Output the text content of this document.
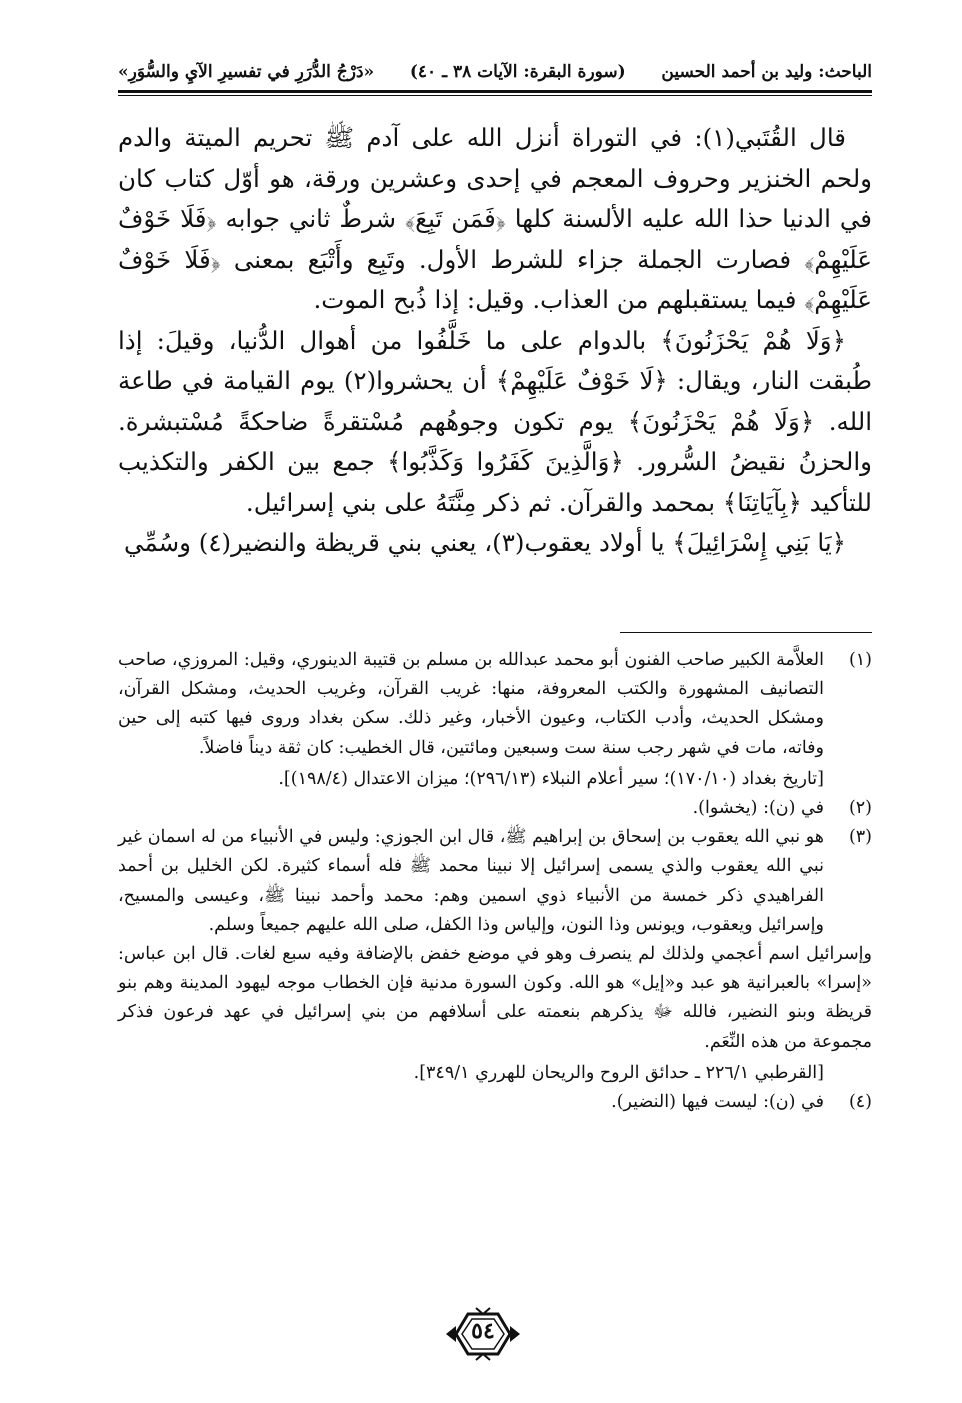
الباحث: وليد بن أحمد الحسين
(سورة البقرة: الآيات ٣٨ ـ ٤٠)
«دَرْجُ الدُّرَرِ في تفسيرِ الآيِ والسُّوَرِ»

قال القُتَبي(١): في التوراة أنزل الله على آدم ﷺ تحريم الميتة والدم ولحم الخنزير وحروف المعجم في إحدى وعشرين ورقة، هو أوّل كتاب كان في الدنيا حذا الله عليه الألسنة كلها ﴿فَمَن تَبِعَ﴾ شرطٌ ثاني جوابه ﴿فَلَا خَوْفٌ عَلَيْهِمْ﴾ فصارت الجملة جزاء للشرط الأول. وتَبِع وأَتْبَع بمعنى ﴿فَلَا خَوْفٌ عَلَيْهِمْ﴾ فيما يستقبلهم من العذاب. وقيل: إذا ذُبح الموت.

﴿وَلَا هُمْ يَحْزَنُونَ﴾ بالدوام على ما خَلَّفُوا من أهوال الدُّنيا، وقيلَ: إذا طُبقت النار، ويقال: ﴿لَا خَوْفٌ عَلَيْهِمْ﴾ أن يحشروا(٢) يوم القيامة في طاعة الله. ﴿وَلَا هُمْ يَحْزَنُونَ﴾ يوم تكون وجوهُهم مُسْتقرةً ضاحكةً مُسْتبشرة. والحزنُ نقيضُ السُّرور. ﴿وَالَّذِينَ كَفَرُوا وَكَذَّبُوا﴾ جمع بين الكفر والتكذيب للتأكيد ﴿بِآيَاتِنَا﴾ بمحمد والقرآن. ثم ذكر مِنَّتَهُ على بني إسرائيل.

﴿يَا بَنِي إِسْرَائِيلَ﴾ يا أولاد يعقوب(٣)، يعني بني قريظة والنضير(٤) وسُمِّي

(١)

العلاَّمة الكبير صاحب الفنون أبو محمد عبدالله بن مسلم بن قتيبة الدينوري، وقيل: المروزي، صاحب التصانيف المشهورة والكتب المعروفة، منها: غريب القرآن، وغريب الحديث، ومشكل القرآن، ومشكل الحديث، وأدب الكتاب، وعيون الأخبار، وغير ذلك. سكن بغداد وروى فيها كتبه إلى حين وفاته، مات في شهر رجب سنة ست وسبعين ومائتين، قال الخطيب: كان ثقة ديناً فاضلاً.

[تاريخ بغداد (١٧٠/١٠)؛ سير أعلام النبلاء (٢٩٦/١٣)؛ ميزان الاعتدال (١٩٨/٤)].

(٢)

في (ن): (يخشوا).

(٣)

هو نبي الله يعقوب بن إسحاق بن إبراهيم ﷺ، قال ابن الجوزي: وليس في الأنبياء من له اسمان غير نبي الله يعقوب والذي يسمى إسرائيل إلا نبينا محمد ﷺ فله أسماء كثيرة. لكن الخليل بن أحمد الفراهيدي ذكر خمسة من الأنبياء ذوي اسمين وهم: محمد وأحمد نبينا ﷺ، وعيسى والمسيح، وإسرائيل ويعقوب، ويونس وذا النون، وإلياس وذا الكفل، صلى الله عليهم جميعاً وسلم.

وإسرائيل اسم أعجمي ولذلك لم ينصرف وهو في موضع خفض بالإضافة وفيه سبع لغات. قال ابن عباس: «إسرا» بالعبرانية هو عبد و«إيل» هو الله. وكون السورة مدنية فإن الخطاب موجه ليهود المدينة وهم بنو قريظة وبنو النضير، فالله ﷻ يذكرهم بنعمته على أسلافهم من بني إسرائيل في عهد فرعون فذكر مجموعة من هذه النِّعَم.

[القرطبي ٢٢٦/١ ـ حدائق الروح والريحان للهرري ٣٤٩/١].

(٤)

في (ن): ليست فيها (النضير).

٥٤
